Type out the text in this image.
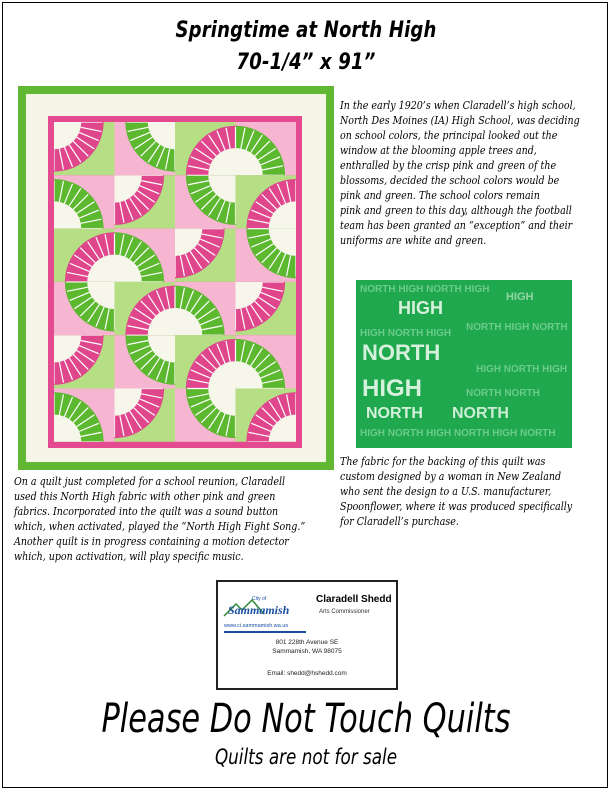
Springtime at North High
70-1/4” x 91”
In the early 1920’s when Claradell’s high school,
North Des Moines (IA) High School, was deciding
on school colors, the principal looked out the
window at the blooming apple trees and,
enthralled by the crisp pink and green of the
blossoms, decided the school colors would be
pink and green. The school colors remain
pink and green to this day, although the football
team has been granted an “exception” and their
uniforms are white and green.
HIGH
NORTH
HIGH
NORTH
HIGH
NORTH
NORTH HIGH NORTH HIGH
NORTH HIGH NORTH
HIGH NORTH HIGH
HIGH NORTH HIGH
NORTH NORTH
HIGH NORTH HIGH NORTH HIGH NORTH
The fabric for the backing of this quilt was
custom designed by a woman in New Zealand
who sent the design to a U.S. manufacturer,
Spoonflower, where it was produced specifically
for Claradell’s purchase.
On a quilt just completed for a school reunion, Claradell
used this North High fabric with other pink and green
fabrics. Incorporated into the quilt was a sound button
which, when activated, played the “North High Fight Song.”
Another quilt is in progress containing a motion detector
which, upon activation, will play specific music.
City of
Sammamish
www.ci.sammamish.wa.us
Claradell Shedd
Arts Commissioner
801 228th Avenue SE
Sammamish, WA 98075
Email: shedd@hshedd.com
Please Do Not Touch Quilts
Quilts are not for sale
